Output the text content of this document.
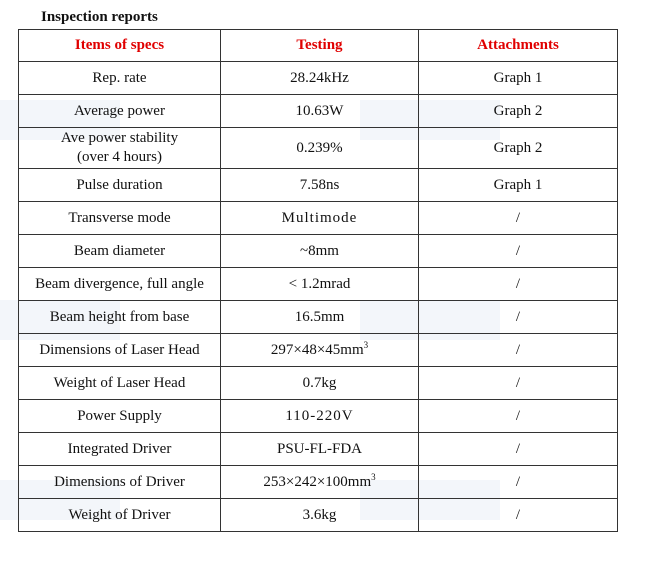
Inspection reports
Items of specs	Testing	Attachments
Rep. rate	28.24kHz	Graph 1
Average power	10.63W	Graph 2
Ave power stability
(over 4 hours)	0.239%	Graph 2
Pulse duration	7.58ns	Graph 1
Transverse mode	Multimode	/
Beam diameter	~8mm	/
Beam divergence, full angle	< 1.2mrad	/
Beam height from base	16.5mm	/
Dimensions of Laser Head	$297\times 48\times 45mm^3$	/
Weight of Laser Head	0.7kg	/
Power Supply	110-220V	/
Integrated Driver	PSU-FL-FDA	/
Dimensions of Driver	$253\times 242\times 100mm^3$	/
Weight of Driver	3.6kg	/
